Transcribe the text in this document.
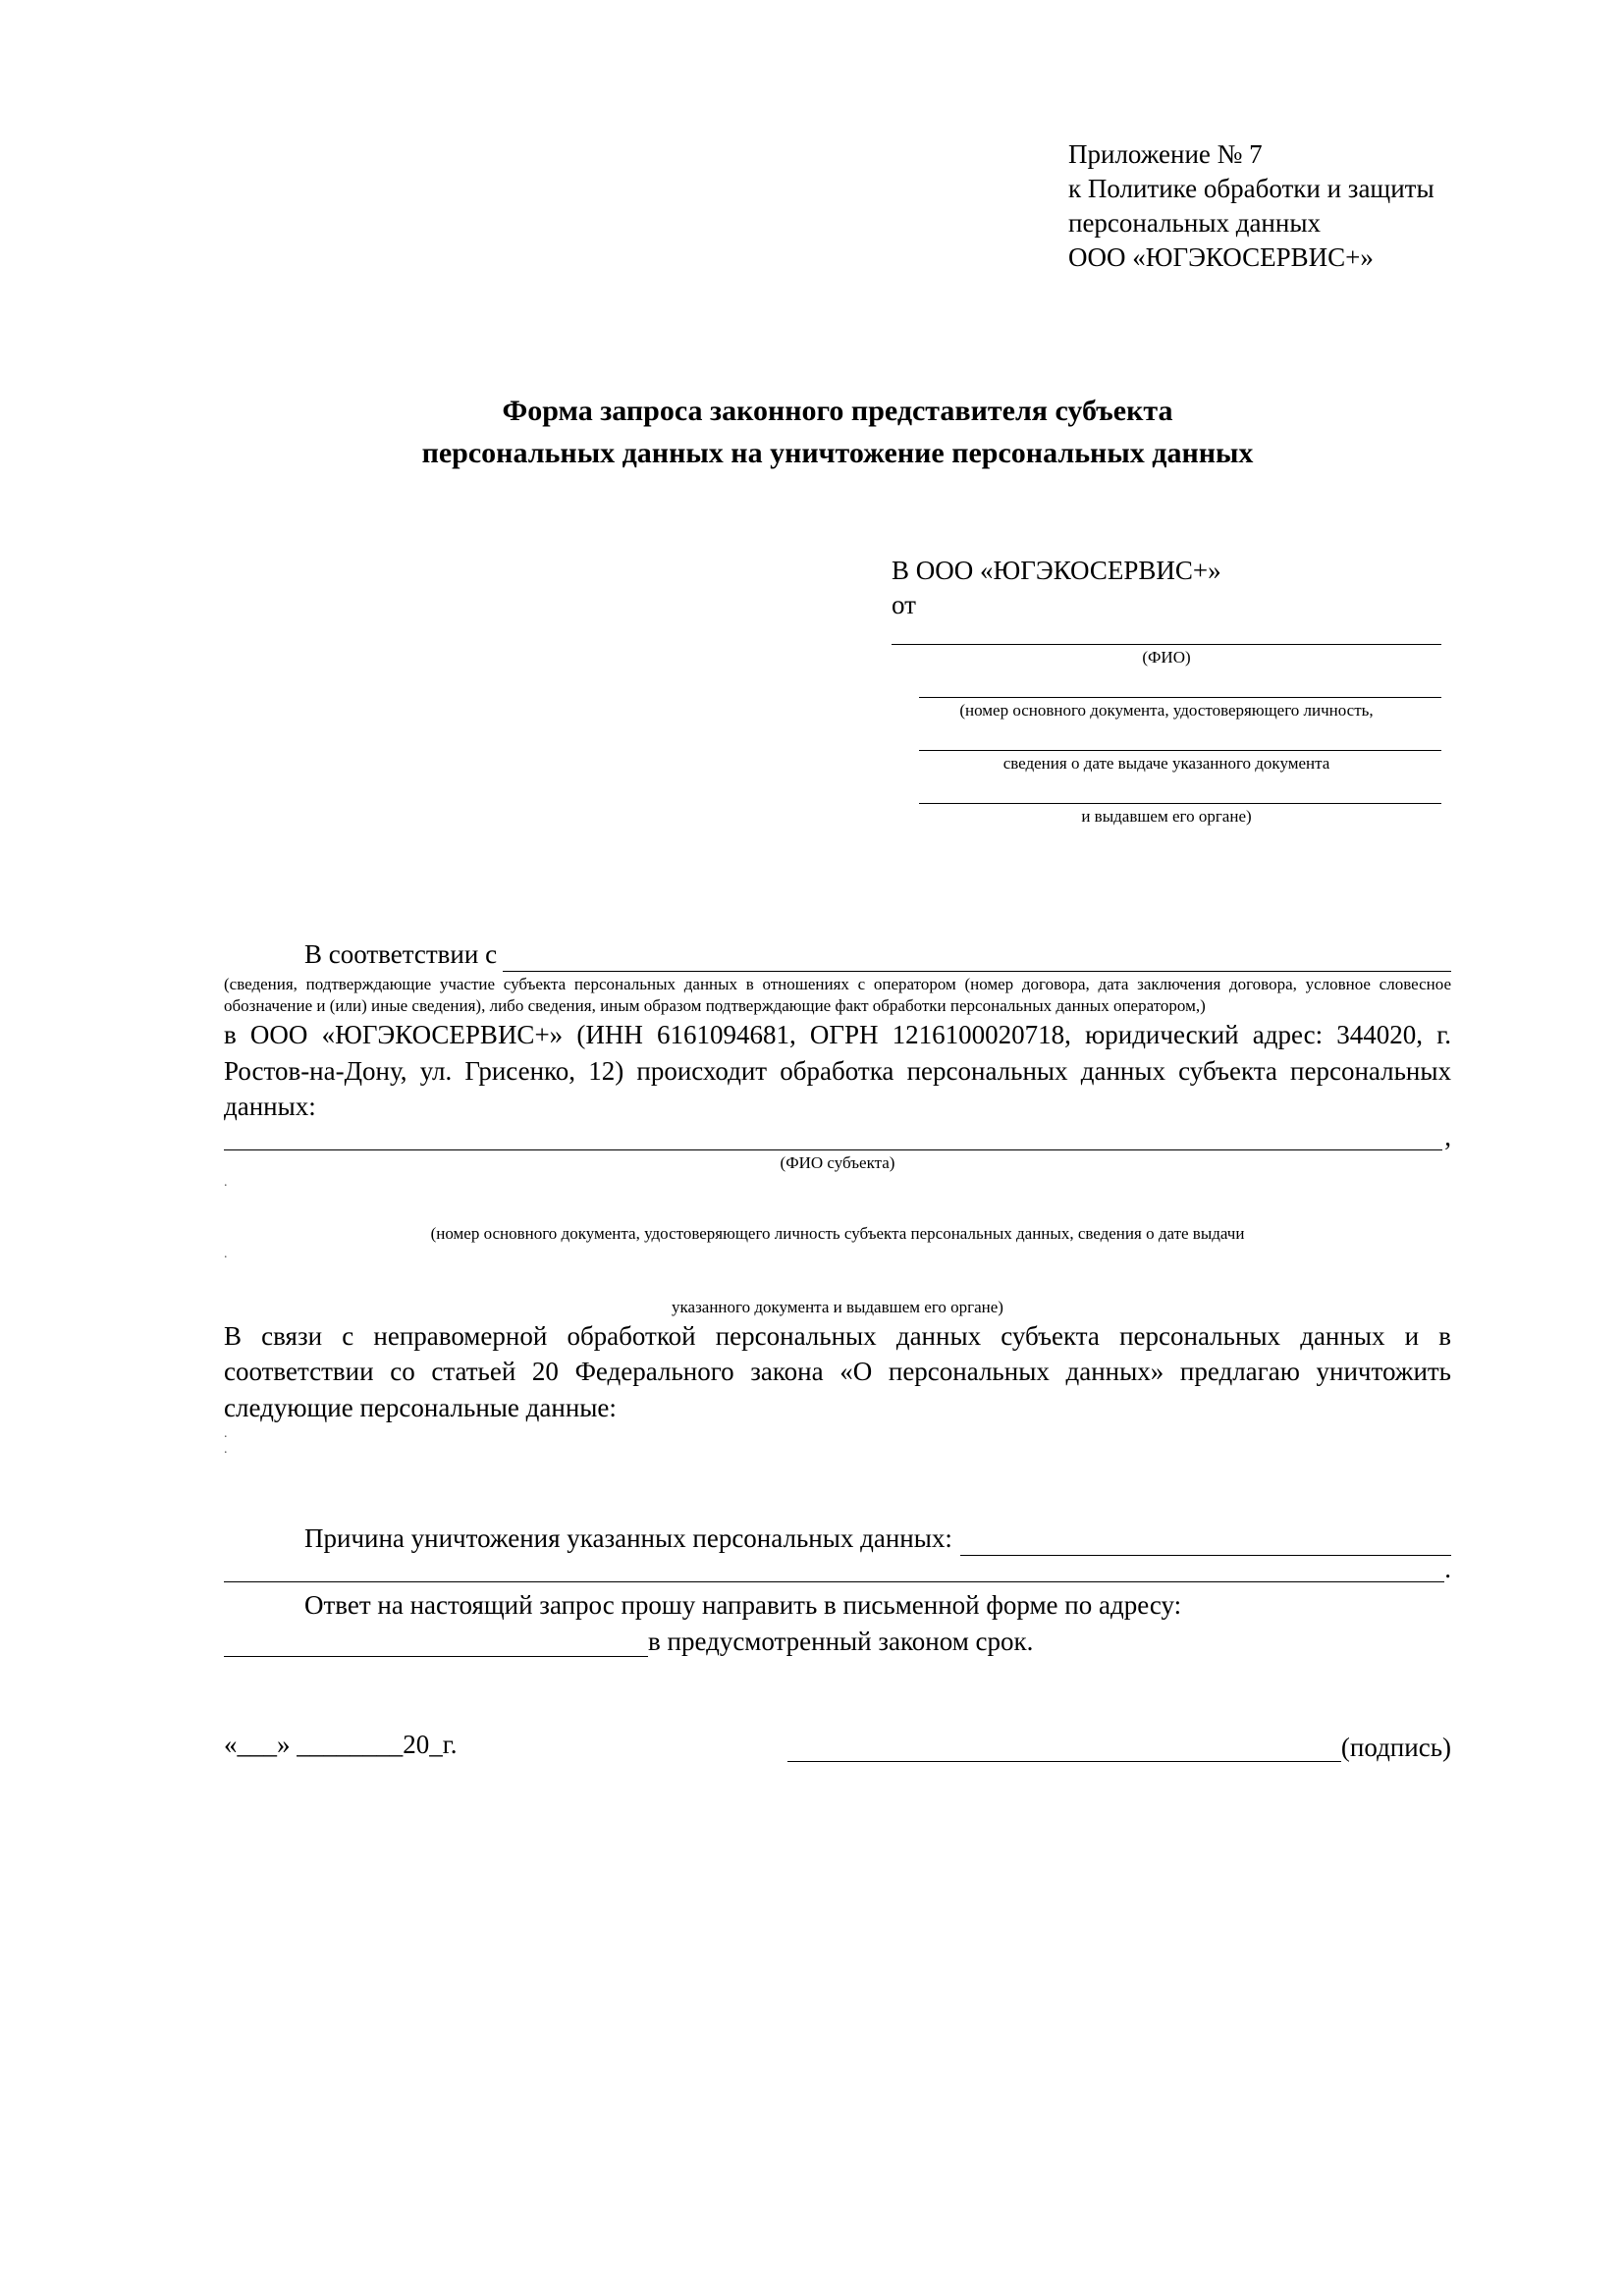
Приложение № 7
к Политике обработки и защиты
персональных данных
ООО «ЮГЭКОСЕРВИС+»
Форма запроса законного представителя субъекта
персональных данных на уничтожение персональных данных
В ООО «ЮГЭКОСЕРВИС+»
от
(ФИО)
(номер основного документа, удостоверяющего личность,
сведения о дате выдаче указанного документа
и выдавшем его органе)
В соответствии с
(сведения, подтверждающие участие субъекта персональных данных в отношениях с оператором (номер договора, дата заключения договора, условное словесное обозначение и (или) иные сведения), либо сведения, иным образом подтверждающие факт обработки персональных данных оператором,)
в ООО «ЮГЭКОСЕРВИС+» (ИНН 6161094681, ОГРН 1216100020718, юридический адрес: 344020, г. Ростов-на-Дону, ул. Грисенко, 12) происходит обработка персональных данных субъекта персональных данных:
,
(ФИО субъекта)
.
(номер основного документа, удостоверяющего личность субъекта персональных данных, сведения о дате выдачи
.
указанного документа и выдавшем его органе)
В связи с неправомерной обработкой персональных данных субъекта персональных данных и в соответствии со статьей 20 Федерального закона «О персональных данных» предлагаю уничтожить следующие персональные данные:
.
.
Причина уничтожения указанных персональных данных:
.
Ответ на настоящий запрос прошу направить в письменной форме по адресу:
в предусмотренный законом срок.
«___» ________20_г.	(подпись)
